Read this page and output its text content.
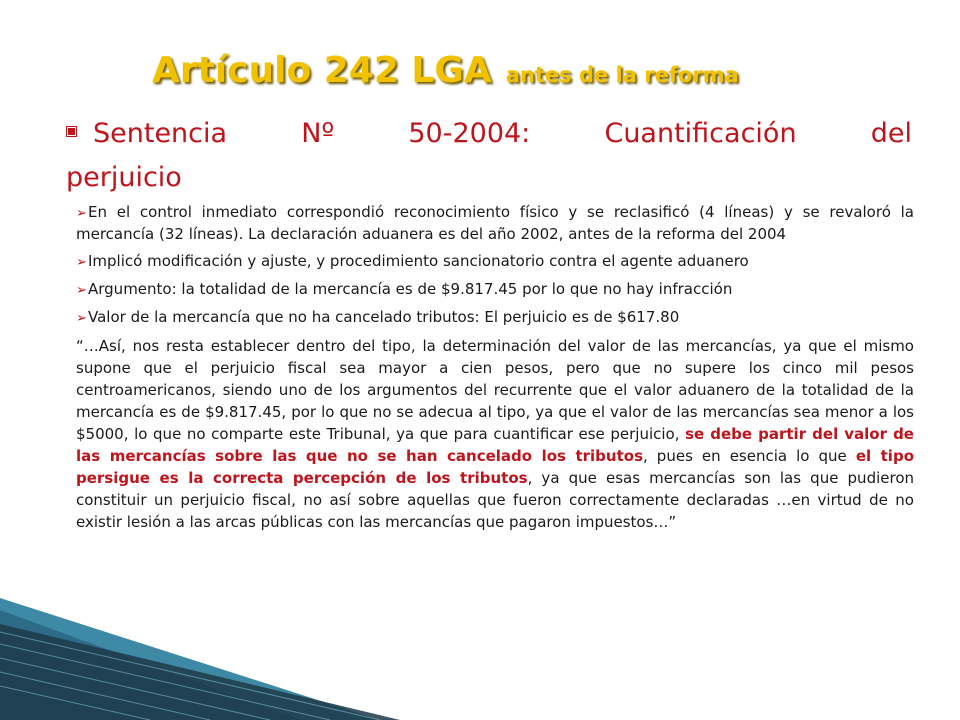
Artículo 242 LGA antes de la reforma
Sentencia Nº 50-2004: Cuantificación del
perjuicio
➢En el control inmediato correspondió reconocimiento físico y se reclasificó (4 líneas) y se revaloró la mercancía (32 líneas). La declaración aduanera es del año 2002, antes de la reforma del 2004
➢Implicó modificación y ajuste, y procedimiento sancionatorio contra el agente aduanero
➢Argumento: la totalidad de la mercancía es de $9.817.45 por lo que no hay infracción
➢Valor de la mercancía que no ha cancelado tributos: El perjuicio es de $617.80
“…Así, nos resta establecer dentro del tipo, la determinación del valor de las mercancías, ya que el mismo supone que el perjuicio fiscal sea mayor a cien pesos, pero que no supere los cinco mil pesos centroamericanos, siendo uno de los argumentos del recurrente que el valor aduanero de la totalidad de la mercancía es de $9.817.45, por lo que no se adecua al tipo, ya que el valor de las mercancías sea menor a los $5000, lo que no comparte este Tribunal, ya que para cuantificar ese perjuicio, se debe partir del valor de las mercancías sobre las que no se han cancelado los tributos, pues en esencia lo que el tipo persigue es la correcta percepción de los tributos, ya que esas mercancías son las que pudieron constituir un perjuicio fiscal, no así sobre aquellas que fueron correctamente declaradas …en virtud de no existir lesión a las arcas públicas con las mercancías que pagaron impuestos…”
